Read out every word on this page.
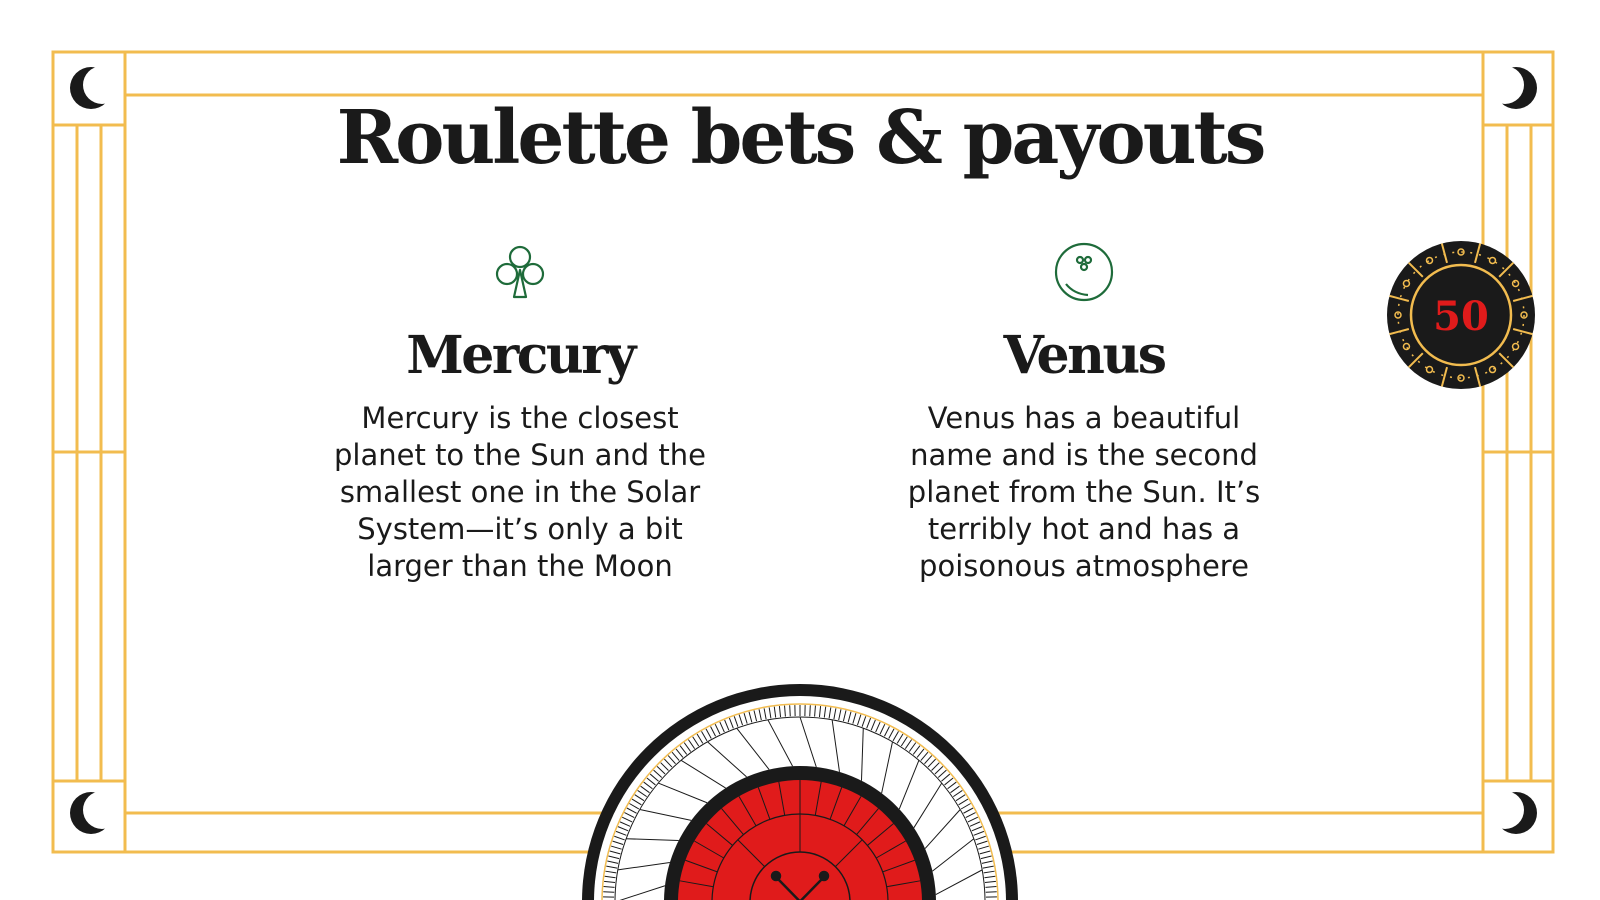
Roulette bets & payouts
Mercury

Mercury is the closest planet to the Sun and the smallest one in the Solar System—it’s only a bit larger than the Moon

Venus

Venus has a beautiful name and is the second planet from the Sun. It’s terribly hot and has a poisonous atmosphere

50
